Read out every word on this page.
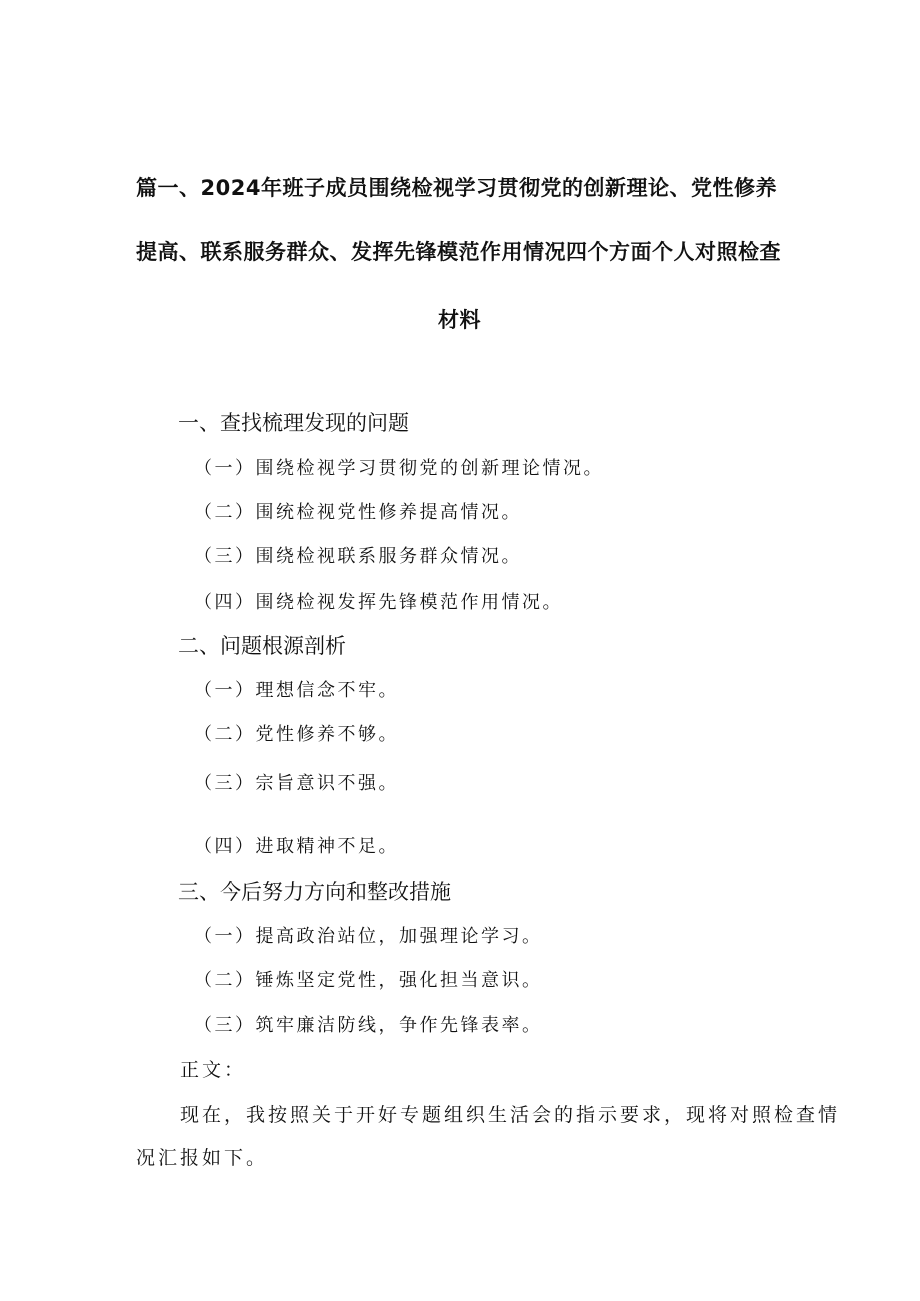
篇一、2024年班子成员围绕检视学习贯彻党的创新理论、党性修养
提高、联系服务群众、发挥先锋模范作用情况四个方面个人对照检查
材料
一、查找梳理发现的问题
（一）围绕检视学习贯彻党的创新理论情况。
（二）围统检视党性修养提高情况。
（三）围绕检视联系服务群众情况。
（四）围绕检视发挥先锋模范作用情况。
二、问题根源剖析
（一）理想信念不牢。
（二）党性修养不够。
（三）宗旨意识不强。
（四）进取精神不足。
三、今后努力方向和整改措施
（一）提高政治站位，加强理论学习。
（二）锤炼坚定党性，强化担当意识。
（三）筑牢廉洁防线，争作先锋表率。
正文：
现在，我按照关于开好专题组织生活会的指示要求，现将对照检查情
况汇报如下。
